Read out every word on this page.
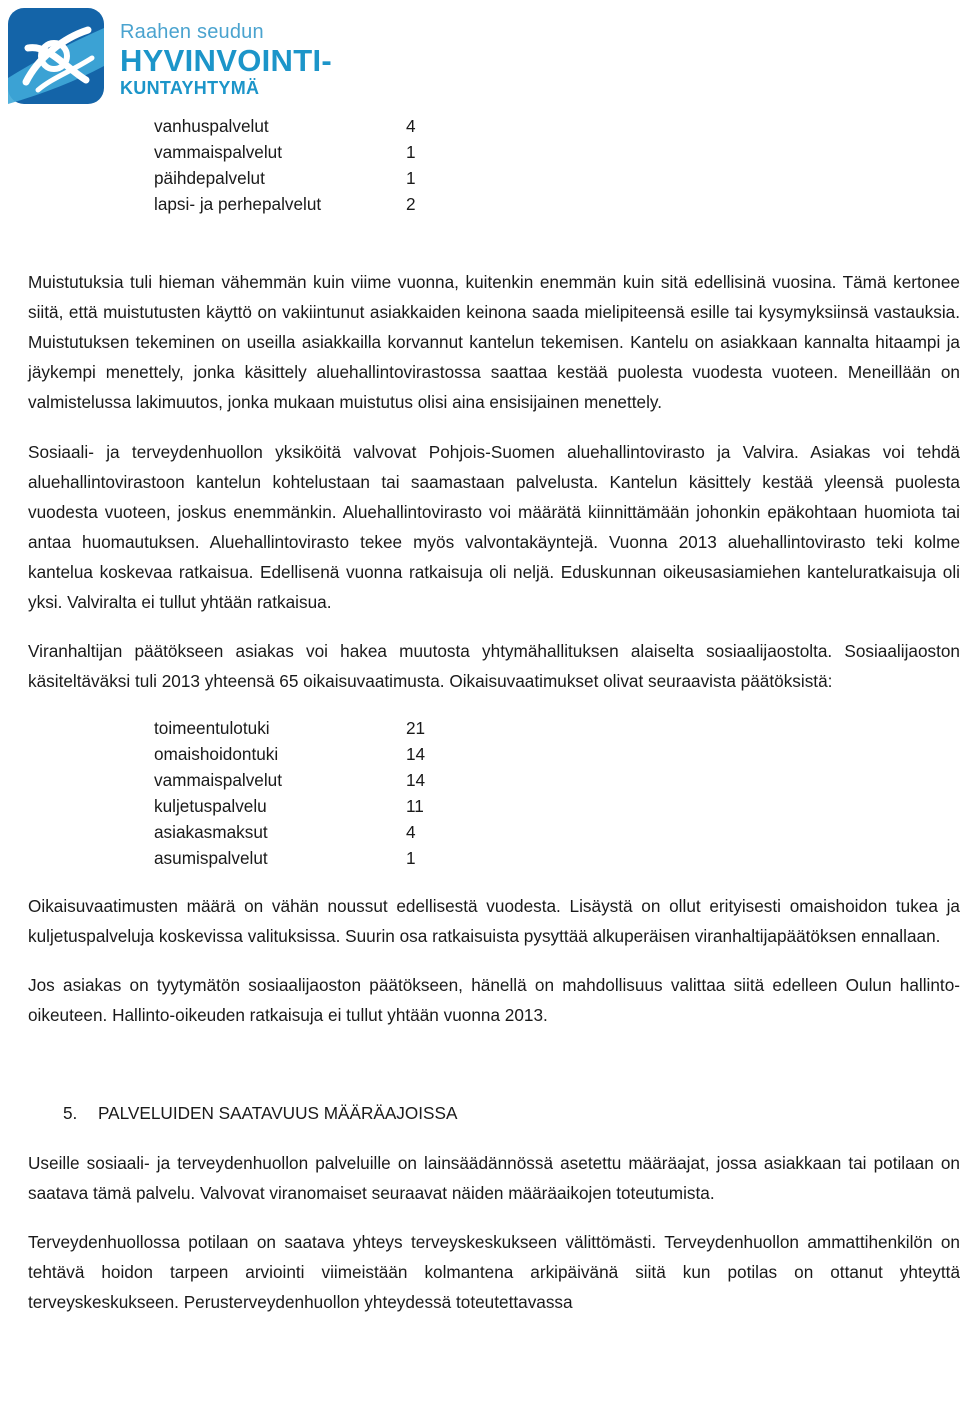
Raahen seudun
HYVINVOINTI-
KUNTAYHTYMÄ
vanhuspalvelut	4
vammaispalvelut	1
päihdepalvelut	1
lapsi- ja perhepalvelut	2

Muistutuksia tuli hieman vähemmän kuin viime vuonna, kuitenkin enemmän kuin sitä edellisinä vuosina. Tämä kertonee siitä, että muistutusten käyttö on vakiintunut asiakkaiden keinona saada mielipiteensä esille tai kysymyksiinsä vastauksia. Muistutuksen tekeminen on useilla asiakkailla korvannut kantelun tekemisen. Kantelu on asiakkaan kannalta hitaampi ja jäykempi menettely, jonka käsittely aluehallintovirastossa saattaa kestää puolesta vuodesta vuoteen. Meneillään on valmistelussa lakimuutos, jonka mukaan muistutus olisi aina ensisijainen menettely.

Sosiaali- ja terveydenhuollon yksiköitä valvovat Pohjois-Suomen aluehallintovirasto ja Valvira. Asiakas voi tehdä aluehallintovirastoon kantelun kohtelustaan tai saamastaan palvelusta. Kantelun käsittely kestää yleensä puolesta vuodesta vuoteen, joskus enemmänkin. Aluehallintovirasto voi määrätä kiinnittämään johonkin epäkohtaan huomiota tai antaa huomautuksen. Aluehallintovirasto tekee myös valvontakäyntejä. Vuonna 2013 aluehallintovirasto teki kolme kantelua koskevaa ratkaisua. Edellisenä vuonna ratkaisuja oli neljä. Eduskunnan oikeusasiamiehen kanteluratkaisuja oli yksi. Valviralta ei tullut yhtään ratkaisua.

Viranhaltijan päätökseen asiakas voi hakea muutosta yhtymähallituksen alaiselta sosiaalijaostolta. Sosiaalijaoston käsiteltäväksi tuli 2013 yhteensä 65 oikaisuvaatimusta. Oikaisuvaatimukset olivat seuraavista päätöksistä:

toimeentulotuki	21
omaishoidontuki	14
vammaispalvelut	14
kuljetuspalvelu	11
asiakasmaksut	4
asumispalvelut	1

Oikaisuvaatimusten määrä on vähän noussut edellisestä vuodesta. Lisäystä on ollut erityisesti omaishoidon tukea ja kuljetuspalveluja koskevissa valituksissa. Suurin osa ratkaisuista pysyttää alkuperäisen viranhaltijapäätöksen ennallaan.

Jos asiakas on tyytymätön sosiaalijaoston päätökseen, hänellä on mahdollisuus valittaa siitä edelleen Oulun hallinto-oikeuteen. Hallinto-oikeuden ratkaisuja ei tullut yhtään vuonna 2013.

5.	PALVELUIDEN SAATAVUUS MÄÄRÄAJOISSA

Useille sosiaali- ja terveydenhuollon palveluille on lainsäädännössä asetettu määräajat, jossa asiakkaan tai potilaan on saatava tämä palvelu. Valvovat viranomaiset seuraavat näiden määräaikojen toteutumista.

Terveydenhuollossa potilaan on saatava yhteys terveyskeskukseen välittömästi. Terveydenhuollon ammattihenkilön on tehtävä hoidon tarpeen arviointi viimeistään kolmantena arkipäivänä siitä kun potilas on ottanut yhteyttä terveyskeskukseen. Perusterveydenhuollon yhteydessä toteutettavassa
